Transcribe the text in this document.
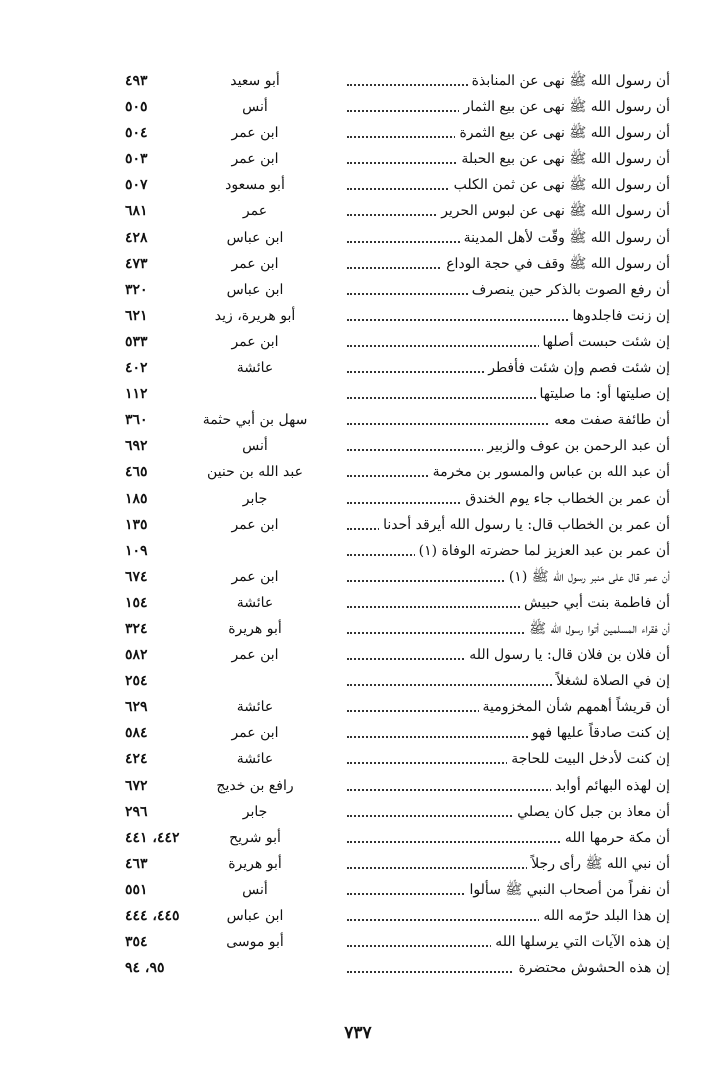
أن رسول الله ﷺ نهى عن المنابذة
أبو سعيد
٤٩٣
أن رسول الله ﷺ نهى عن بيع الثمار
أنس
٥٠٥
أن رسول الله ﷺ نهى عن بيع الثمرة
ابن عمر
٥٠٤
أن رسول الله ﷺ نهى عن بيع الحبلة
ابن عمر
٥٠٣
أن رسول الله ﷺ نهى عن ثمن الكلب
أبو مسعود
٥٠٧
أن رسول الله ﷺ نهى عن لبوس الحرير
عمر
٦٨١
أن رسول الله ﷺ وقّت لأهل المدينة
ابن عباس
٤٢٨
أن رسول الله ﷺ وقف في حجة الوداع
ابن عمر
٤٧٣
أن رفع الصوت بالذكر حين ينصرف
ابن عباس
٣٢٠
إن زنت فاجلدوها
أبو هريرة، زيد
٦٢١
إن شئت حبست أصلها
ابن عمر
٥٣٣
إن شئت فصم وإن شئت فأفطر
عائشة
٤٠٢
إن صليتها أو: ما صليتها
١١٢
أن طائفة صفت معه
سهل بن أبي حثمة
٣٦٠
أن عبد الرحمن بن عوف والزبير
أنس
٦٩٢
أن عبد الله بن عباس والمسور بن مخرمة
عبد الله بن حنين
٤٦٥
أن عمر بن الخطاب جاء يوم الخندق
جابر
١٨٥
أن عمر بن الخطاب قال: يا رسول الله أيرقد أحدنا
ابن عمر
١٣٥
أن عمر بن عبد العزيز لما حضرته الوفاة (١)
١٠٩
أن عمر قال على منبر رسول الله ﷺ (١)
ابن عمر
٦٧٤
أن فاطمة بنت أبي حبيش
عائشة
١٥٤
أن فقراء المسلمين أتوا رسول الله ﷺ
أبو هريرة
٣٢٤
أن فلان بن فلان قال: يا رسول الله
ابن عمر
٥٨٢
إن في الصلاة لشغلاً
٢٥٤
أن قريشاً أهمهم شأن المخزومية
عائشة
٦٢٩
إن كنت صادقاً عليها فهو
ابن عمر
٥٨٤
إن كنت لأدخل البيت للحاجة
عائشة
٤٢٤
إن لهذه البهائم أوابد
رافع بن خديج
٦٧٢
أن معاذ بن جبل كان يصلي
جابر
٢٩٦
أن مكة حرمها الله
أبو شريح
٤٤٢، ٤٤١
أن نبي الله ﷺ رأى رجلاً
أبو هريرة
٤٦٣
أن نفراً من أصحاب النبي ﷺ سألوا
أنس
٥٥١
إن هذا البلد حرّمه الله
ابن عباس
٤٤٥، ٤٤٤
إن هذه الآيات التي يرسلها الله
أبو موسى
٣٥٤
إن هذه الحشوش محتضرة
٩٥، ٩٤
٧٣٧
